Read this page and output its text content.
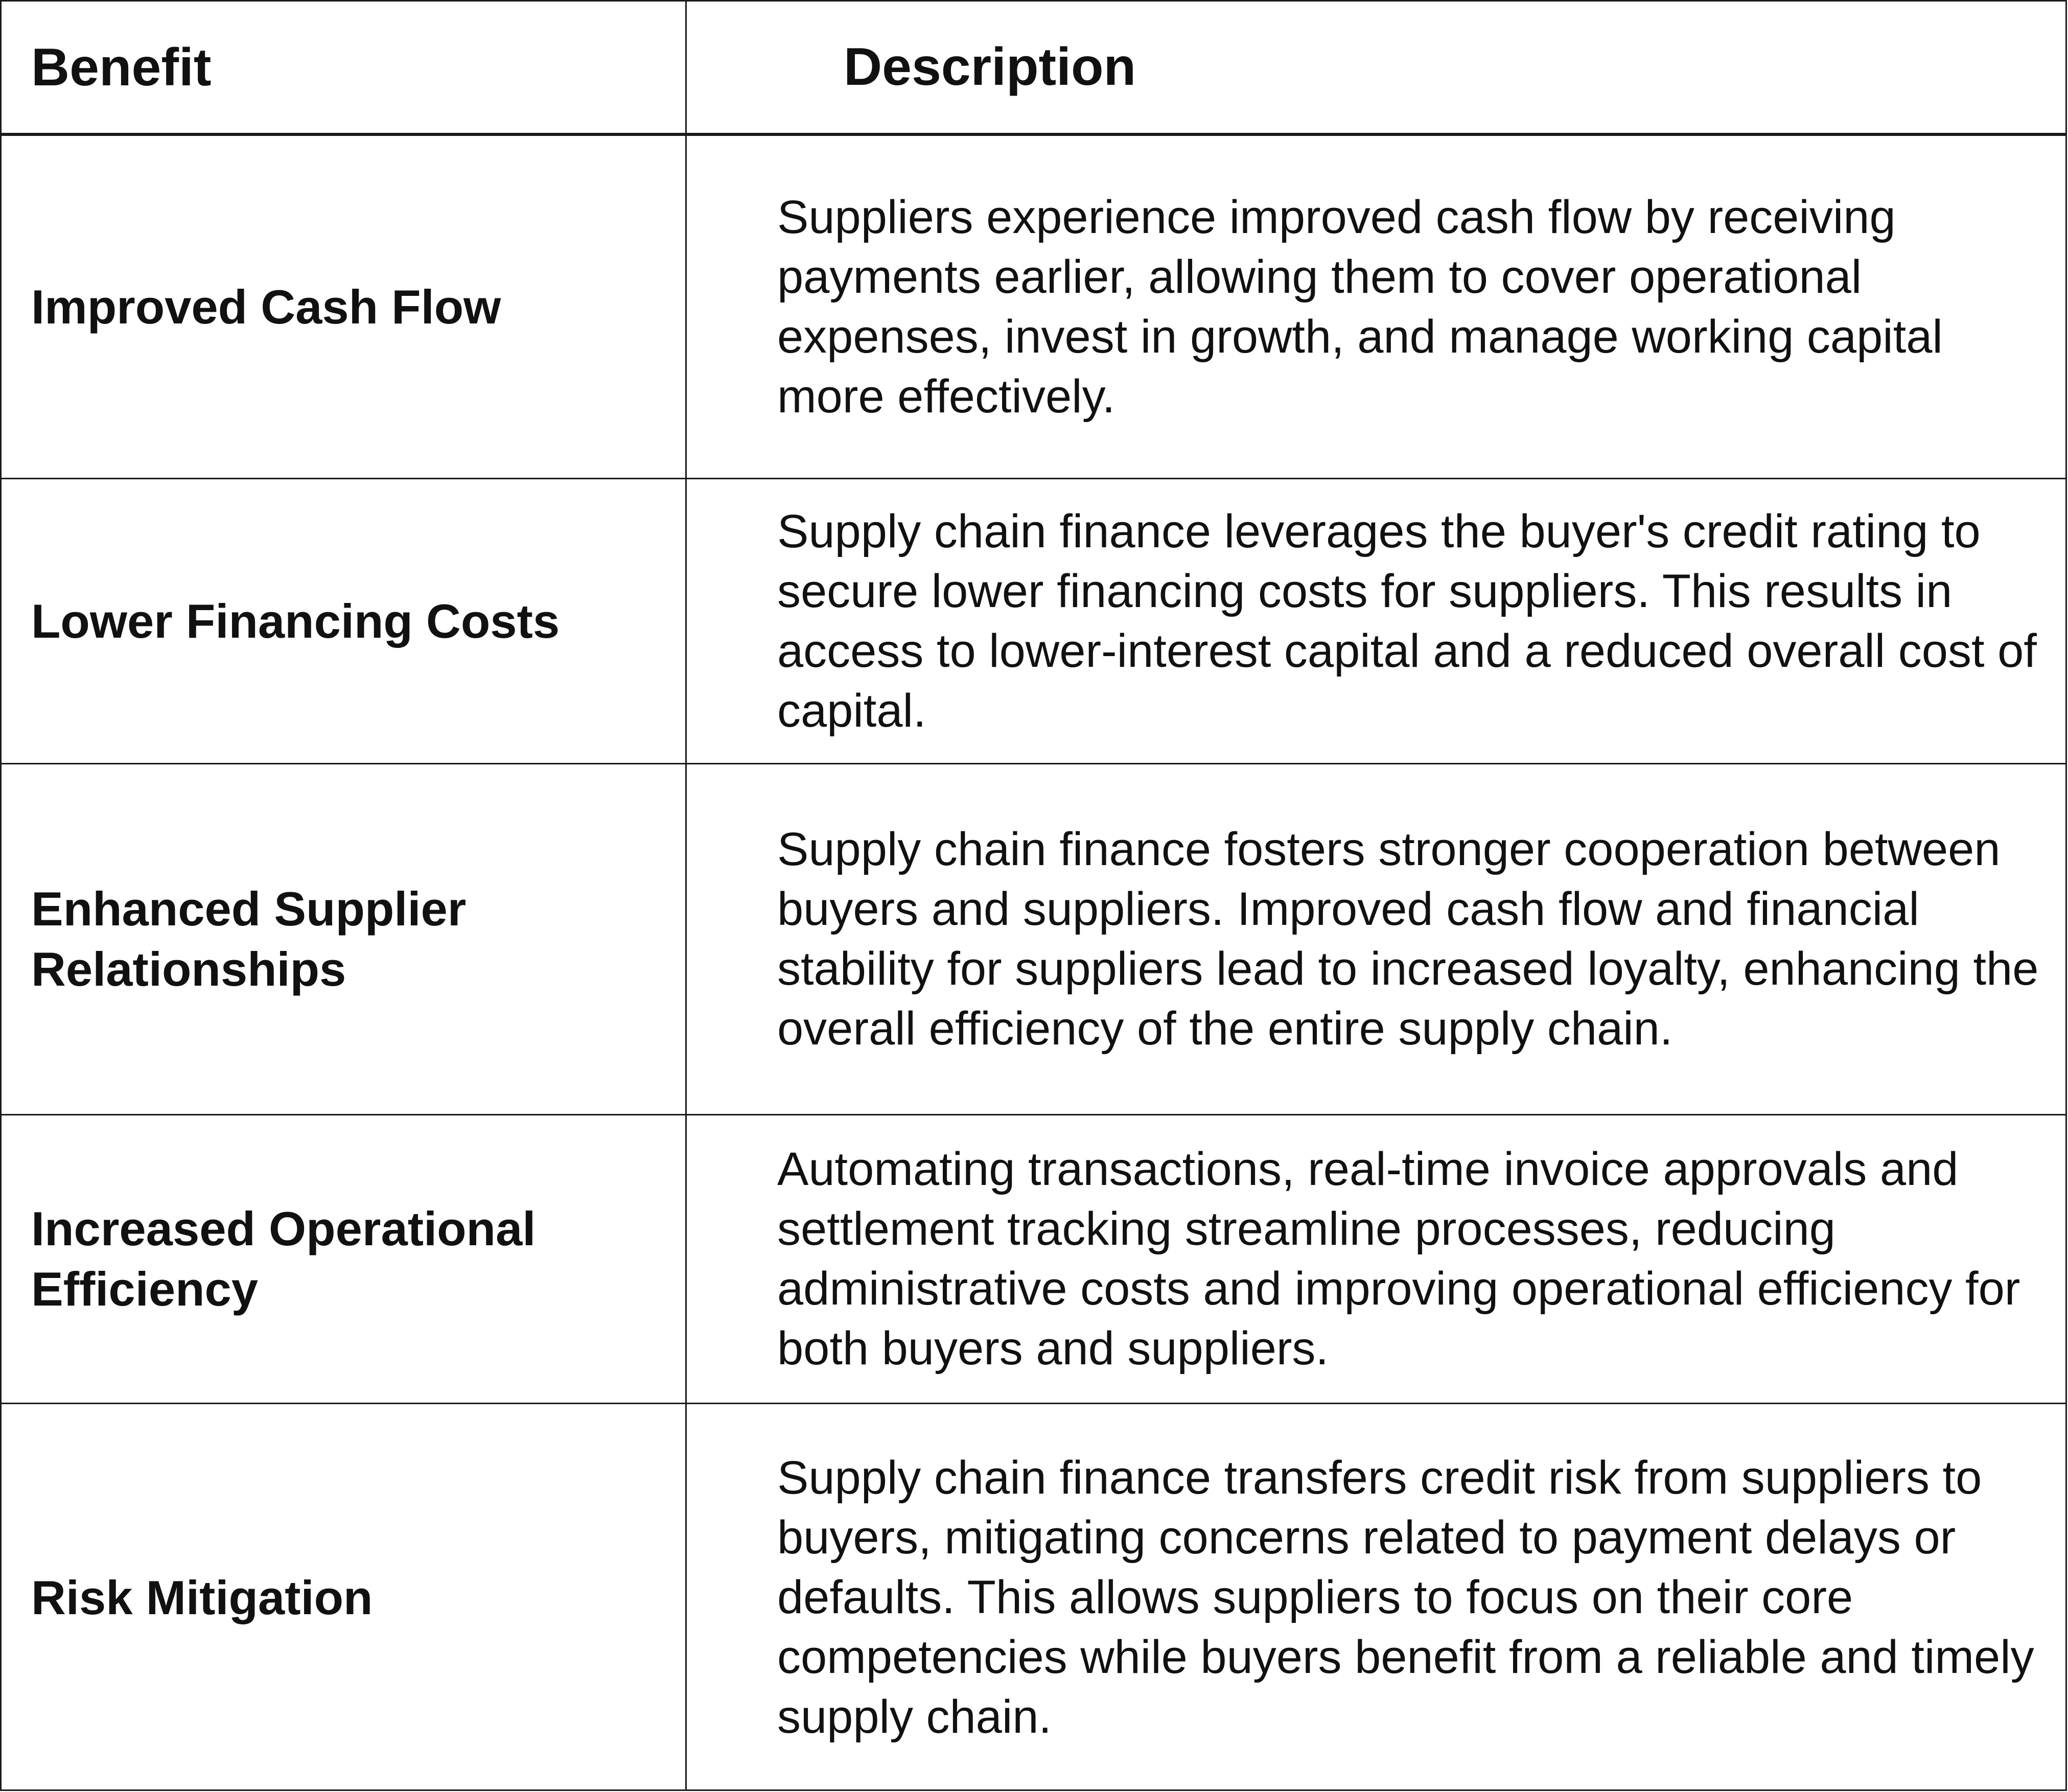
Benefit	Description
Improved Cash Flow
Suppliers experience improved cash flow by receiving payments earlier, allowing them to cover operational expenses, invest in growth, and manage working capital more effectively.
Lower Financing Costs
Supply chain finance leverages the buyer's credit rating to secure lower financing costs for suppliers. This results in access to lower-interest capital and a reduced overall cost of capital.
Enhanced Supplier Relationships
Supply chain finance fosters stronger cooperation between buyers and suppliers. Improved cash flow and financial stability for suppliers lead to increased loyalty, enhancing the overall efficiency of the entire supply chain.
Increased Operational Efficiency
Automating transactions, real-time invoice approvals and settlement tracking streamline processes, reducing administrative costs and improving operational efficiency for both buyers and suppliers.
Risk Mitigation
Supply chain finance transfers credit risk from suppliers to buyers, mitigating concerns related to payment delays or defaults. This allows suppliers to focus on their core competencies while buyers benefit from a reliable and timely supply chain.
